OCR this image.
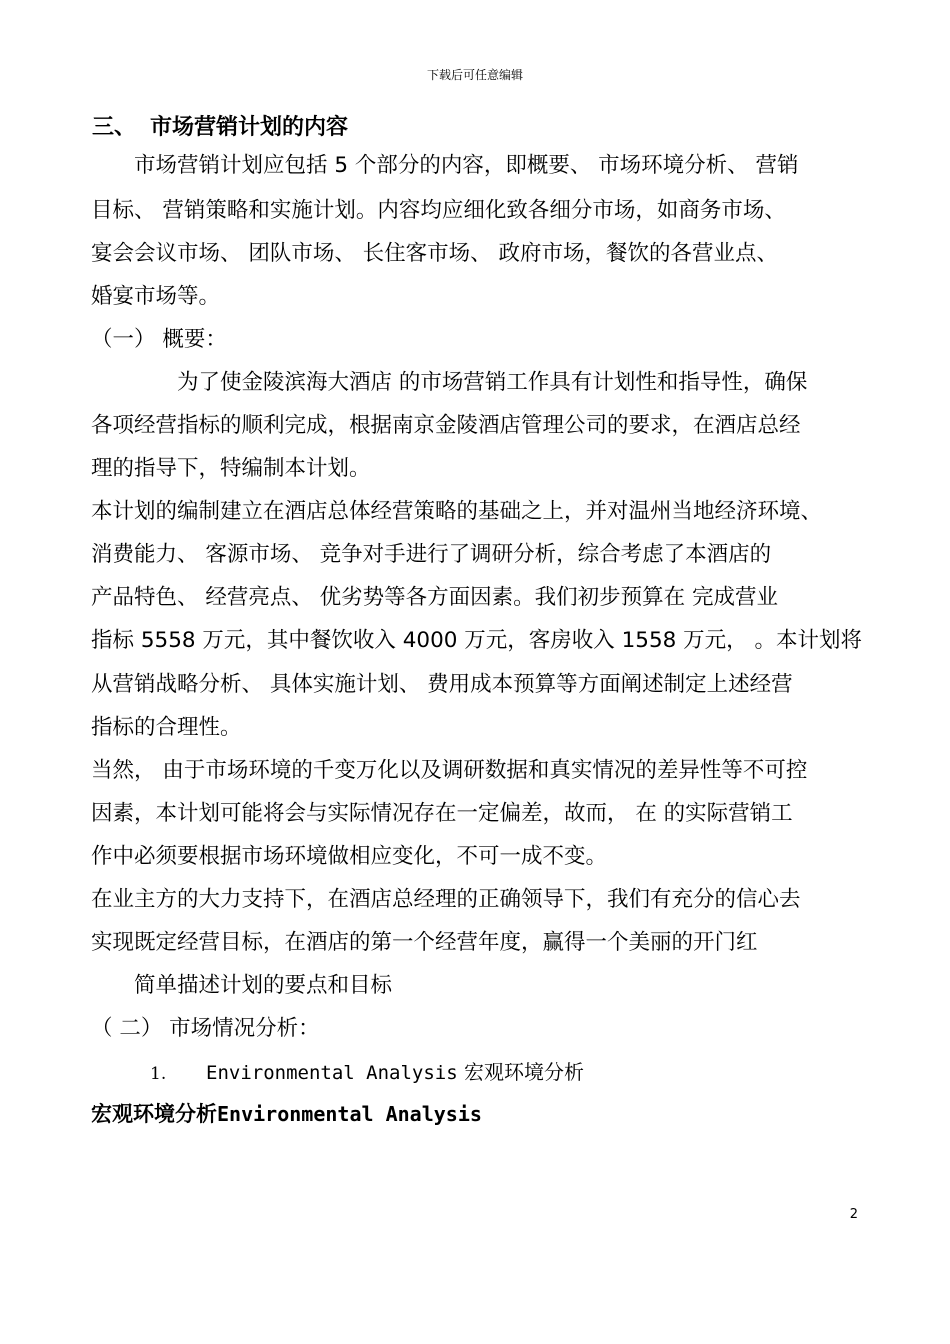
下载后可任意编辑
三、 市场营销计划的内容
　　市场营销计划应包括 5 个部分的内容，即概要、 市场环境分析、 营销
目标、 营销策略和实施计划。内容均应细化致各细分市场，如商务市场、
宴会会议市场、 团队市场、 长住客市场、 政府市场，餐饮的各营业点、
婚宴市场等。
（一） 概要：
　　　　为了使金陵滨海大酒店 的市场营销工作具有计划性和指导性，确保
各项经营指标的顺利完成，根据南京金陵酒店管理公司的要求，在酒店总经
理的指导下，特编制本计划。
本计划的编制建立在酒店总体经营策略的基础之上，并对温州当地经济环境、
消费能力、 客源市场、 竞争对手进行了调研分析，综合考虑了本酒店的
产品特色、 经营亮点、 优劣势等各方面因素。我们初步预算在 完成营业
指标 5558 万元，其中餐饮收入 4000 万元，客房收入 1558 万元， 。本计划将
从营销战略分析、 具体实施计划、 费用成本预算等方面阐述制定上述经营
指标的合理性。
当然， 由于市场环境的千变万化以及调研数据和真实情况的差异性等不可控
因素，本计划可能将会与实际情况存在一定偏差，故而， 在 的实际营销工
作中必须要根据市场环境做相应变化，不可一成不变。
在业主方的大力支持下，在酒店总经理的正确领导下，我们有充分的信心去
实现既定经营目标，在酒店的第一个经营年度，赢得一个美丽的开门红
　　简单描述计划的要点和目标
（ 二） 市场情况分析：
1. Environmental Analysis 宏观环境分析
宏观环境分析Environmental Analysis
2
